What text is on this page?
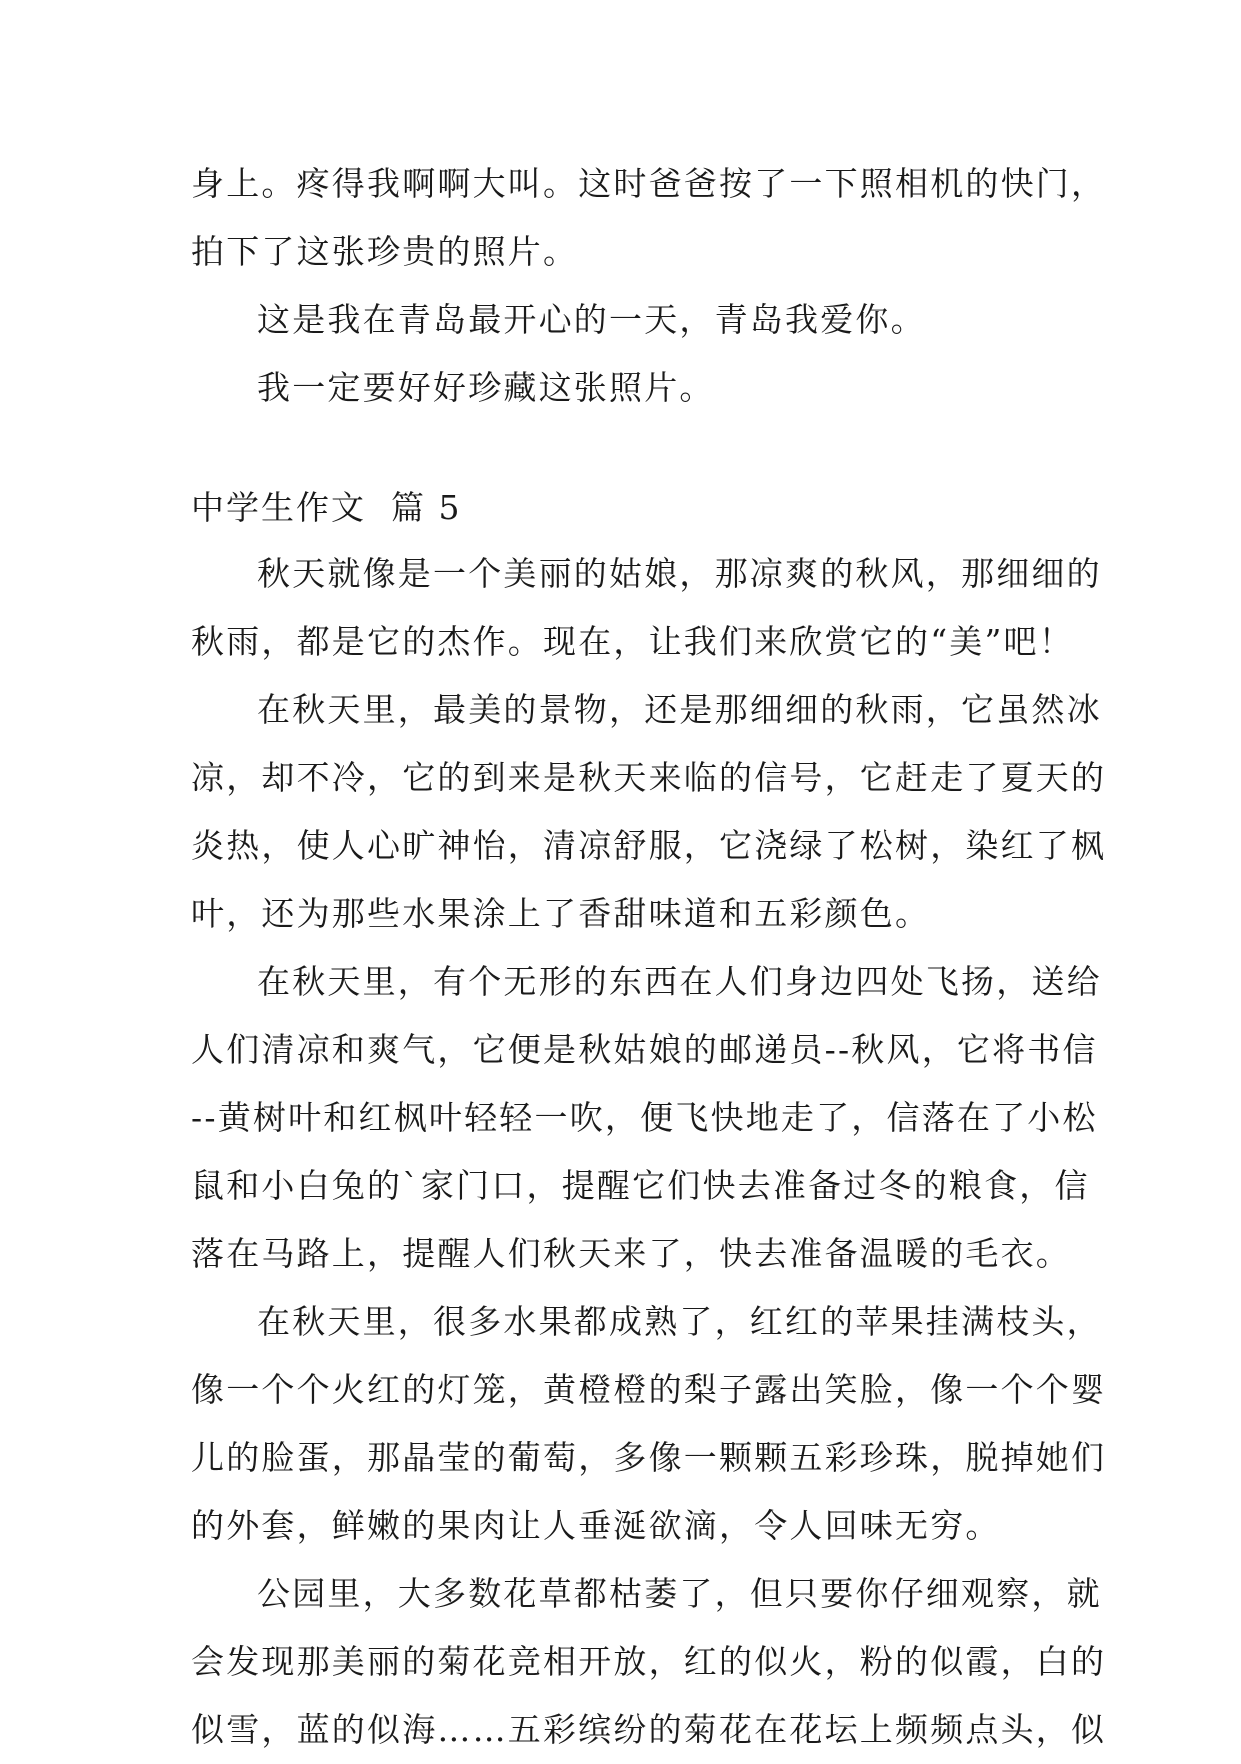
身上。疼得我啊啊大叫。这时爸爸按了一下照相机的快门，
拍下了这张珍贵的照片。
这是我在青岛最开心的一天，青岛我爱你。
我一定要好好珍藏这张照片。
中学生作文  篇 5
秋天就像是一个美丽的姑娘，那凉爽的秋风，那细细的
秋雨，都是它的杰作。现在，让我们来欣赏它的“美”吧！
在秋天里，最美的景物，还是那细细的秋雨，它虽然冰
凉，却不冷，它的到来是秋天来临的信号，它赶走了夏天的
炎热，使人心旷神怡，清凉舒服，它浇绿了松树，染红了枫
叶，还为那些水果涂上了香甜味道和五彩颜色。
在秋天里，有个无形的东西在人们身边四处飞扬，送给
人们清凉和爽气，它便是秋姑娘的邮递员--秋风，它将书信
--黄树叶和红枫叶轻轻一吹，便飞快地走了，信落在了小松
鼠和小白兔的`家门口，提醒它们快去准备过冬的粮食，信
落在马路上，提醒人们秋天来了，快去准备温暖的毛衣。
在秋天里，很多水果都成熟了，红红的苹果挂满枝头，
像一个个火红的灯笼，黄橙橙的梨子露出笑脸，像一个个婴
儿的脸蛋，那晶莹的葡萄，多像一颗颗五彩珍珠，脱掉她们
的外套，鲜嫩的果肉让人垂涎欲滴，令人回味无穷。
公园里，大多数花草都枯萎了，但只要你仔细观察，就
会发现那美丽的菊花竞相开放，红的似火，粉的似霞，白的
似雪，蓝的似海……五彩缤纷的菊花在花坛上频频点头，似
